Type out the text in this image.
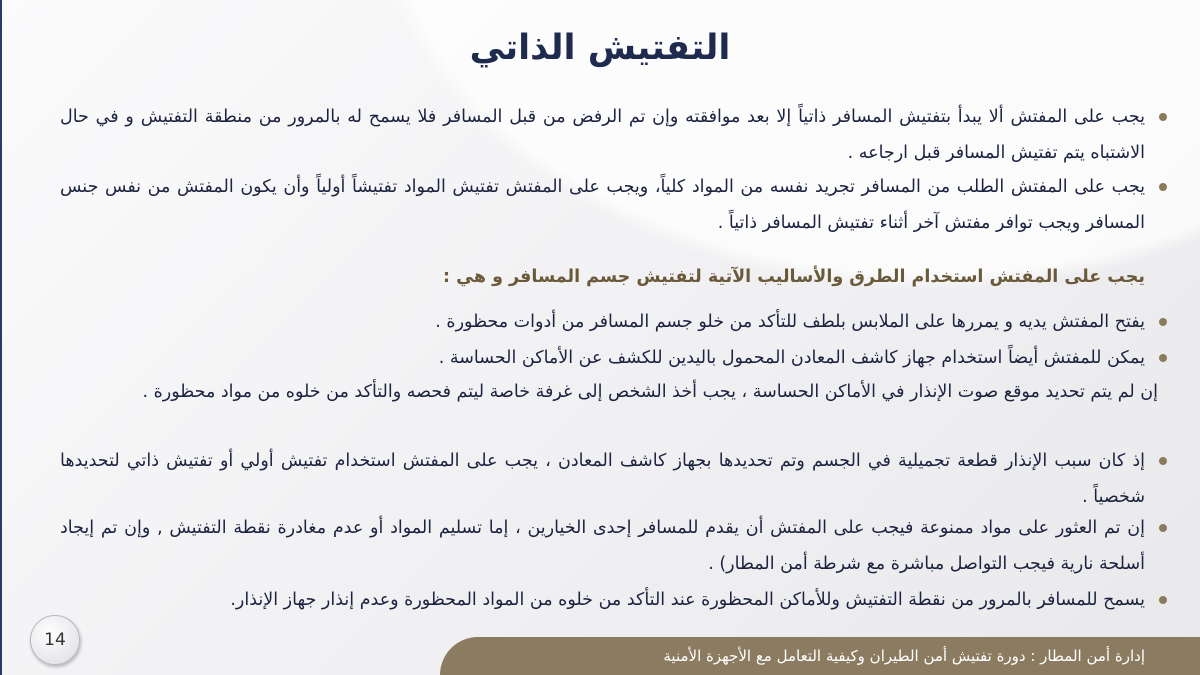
التفتيش الذاتي
يجب على المفتش ألا يبدأ بتفتيش المسافر ذاتياً إلا بعد موافقته وإن تم الرفض من قبل المسافر فلا يسمح له بالمرور من منطقة التفتيش و في حال الاشتباه يتم تفتيش المسافر قبل ارجاعه .
يجب على المفتش الطلب من المسافر تجريد نفسه من المواد كلياً، ويجب على المفتش تفتيش المواد تفتيشاً أولياً وأن يكون المفتش من نفس جنس المسافر ويجب توافر مفتش آخر أثناء تفتيش المسافر ذاتياً .
يجب على المفتش استخدام الطرق والأساليب الآتية لتفتيش جسم المسافر و هي :
يفتح المفتش يديه و يمررها على الملابس بلطف للتأكد من خلو جسم المسافر من أدوات محظورة .
يمكن للمفتش أيضاً استخدام جهاز كاشف المعادن المحمول باليدين للكشف عن الأماكن الحساسة .
إن لم يتم تحديد موقع صوت الإنذار في الأماكن الحساسة ، يجب أخذ الشخص إلى غرفة خاصة ليتم فحصه والتأكد من خلوه من مواد محظورة .
إذ كان سبب الإنذار قطعة تجميلية في الجسم وتم تحديدها بجهاز كاشف المعادن ، يجب على المفتش استخدام تفتيش أولي أو تفتيش ذاتي لتحديدها شخصياً .
إن تم العثور على مواد ممنوعة فيجب على المفتش أن يقدم للمسافر إحدى الخيارين ، إما تسليم المواد أو عدم مغادرة نقطة التفتيش , وإن تم إيجاد أسلحة نارية فيجب التواصل مباشرة مع شرطة أمن المطار) .
يسمح للمسافر بالمرور من نقطة التفتيش وللأماكن المحظورة عند التأكد من خلوه من المواد المحظورة وعدم إنذار جهاز الإنذار.
14
إدارة أمن المطار : دورة تفتيش أمن الطيران وكيفية التعامل مع الأجهزة الأمنية
